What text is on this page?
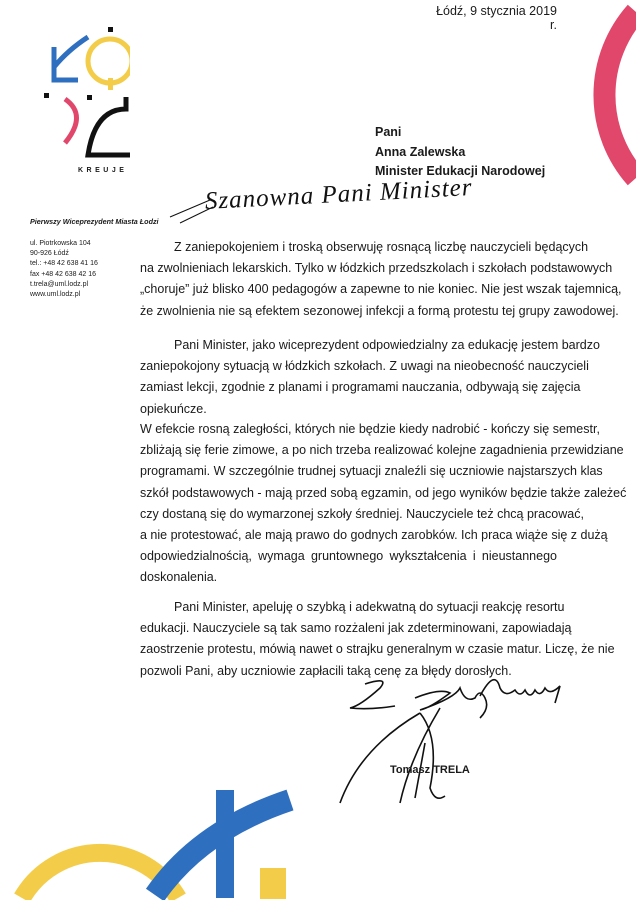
KREUJE
Pierwszy Wiceprezydent Miasta Łodzi
ul. Piotrkowska 104
90-926 Łódź
tel.: +48 42 638 41 16
fax +48 42 638 42 16
t.trela@uml.lodz.pl
www.uml.lodz.pl
Łódź, 9 stycznia 2019 r.
Pani
Anna Zalewska
Minister Edukacji Narodowej
Szanowna Pani Minister
Z zaniepokojeniem i troską obserwuję rosnącą liczbę nauczycieli będących
na zwolnieniach lekarskich. Tylko w łódzkich przedszkolach i szkołach podstawowych
„choruje” już blisko 400 pedagogów a zapewne to nie koniec. Nie jest wszak tajemnicą,
że zwolnienia nie są efektem sezonowej infekcji a formą protestu tej grupy zawodowej.
Pani Minister, jako wiceprezydent odpowiedzialny za edukację jestem bardzo
zaniepokojony sytuacją w łódzkich szkołach. Z uwagi na nieobecność nauczycieli
zamiast lekcji, zgodnie z planami i programami nauczania, odbywają się zajęcia
opiekuńcze.
W efekcie rosną zaległości, których nie będzie kiedy nadrobić - kończy się semestr,
zbliżają się ferie zimowe, a po nich trzeba realizować kolejne zagadnienia przewidziane
programami. W szczególnie trudnej sytuacji znaleźli się uczniowie najstarszych klas
szkół podstawowych - mają przed sobą egzamin, od jego wyników będzie także zależeć
czy dostaną się do wymarzonej szkoły średniej. Nauczyciele też chcą pracować,
a nie protestować, ale mają prawo do godnych zarobków. Ich praca wiąże się z dużą
odpowiedzialnością, wymaga gruntownego wykształcenia i nieustannego
doskonalenia.
Pani Minister, apeluję o szybką i adekwatną do sytuacji reakcję resortu
edukacji. Nauczyciele są tak samo rozżaleni jak zdeterminowani, zapowiadają
zaostrzenie protestu, mówią nawet o strajku generalnym w czasie matur. Liczę, że nie
pozwoli Pani, aby uczniowie zapłacili taką cenę za błędy dorosłych.
Tomasz TRELA
